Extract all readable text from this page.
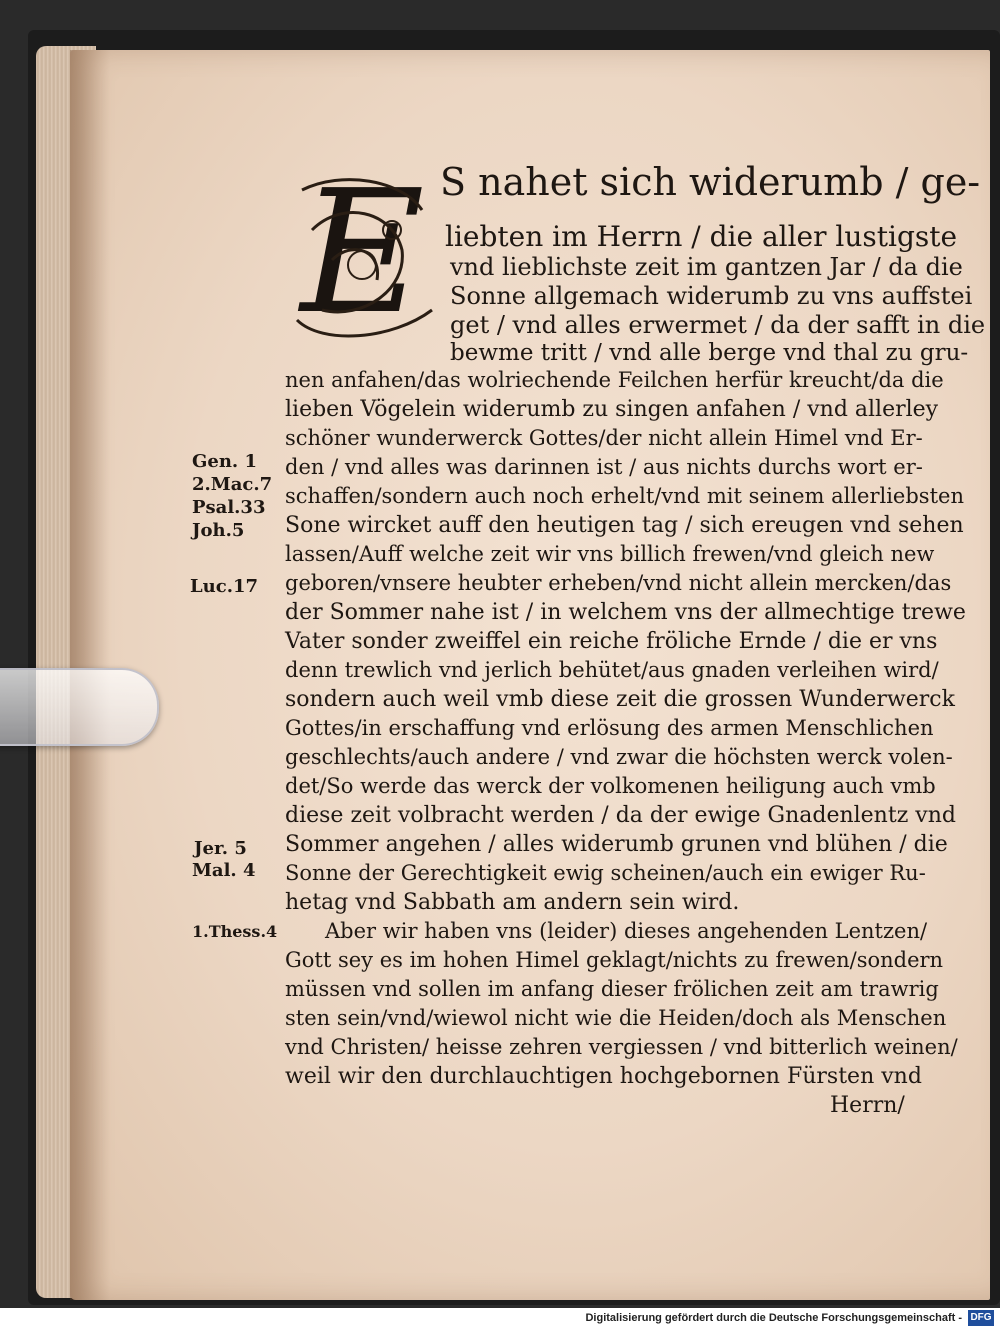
E S nahet sich widerumb / ge-
liebten im Herrn / die aller lustigste
vnd lieblichste zeit im gantzen Jar / da die
Sonne allgemach widerumb zu vns auffstei
get / vnd alles erwermet / da der safft in die
bewme tritt / vnd alle berge vnd thal zu gru-
nen anfahen/das wolriechende Feilchen herfür kreucht/da die
lieben Vögelein widerumb zu singen anfahen / vnd allerley
schöner wunderwerck Gottes/der nicht allein Himel vnd Er-
den / vnd alles was darinnen ist / aus nichts durchs wort er-
schaffen/sondern auch noch erhelt/vnd mit seinem allerliebsten
Sone wircket auff den heutigen tag / sich ereugen vnd sehen
lassen/Auff welche zeit wir vns billich frewen/vnd gleich new
geboren/vnsere heubter erheben/vnd nicht allein mercken/das
der Sommer nahe ist / in welchem vns der allmechtige trewe
Vater sonder zweiffel ein reiche fröliche Ernde / die er vns
denn trewlich vnd jerlich behütet/aus gnaden verleihen wird/
sondern auch weil vmb diese zeit die grossen Wunderwerck
Gottes/in erschaffung vnd erlösung des armen Menschlichen
geschlechts/auch andere / vnd zwar die höchsten werck volen-
det/So werde das werck der volkomenen heiligung auch vmb
diese zeit volbracht werden / da der ewige Gnadenlentz vnd
Sommer angehen / alles widerumb grunen vnd blühen / die
Sonne der Gerechtigkeit ewig scheinen/auch ein ewiger Ru-
hetag vnd Sabbath am andern sein wird.
Aber wir haben vns (leider) dieses angehenden Lentzen/
Gott sey es im hohen Himel geklagt/nichts zu frewen/sondern
müssen vnd sollen im anfang dieser frölichen zeit am trawrig
sten sein/vnd/wiewol nicht wie die Heiden/doch als Menschen
vnd Christen/ heisse zehren vergiessen / vnd bitterlich weinen/
weil wir den durchlauchtigen hochgebornen Fürsten vnd
Herrn/
Gen. 1
2.Mac.7
Psal.33
Joh.5
Luc.17
Jer. 5
Mal. 4
1.Thess.4
Digitalisierung gefördert durch die Deutsche Forschungsgemeinschaft - DFG
